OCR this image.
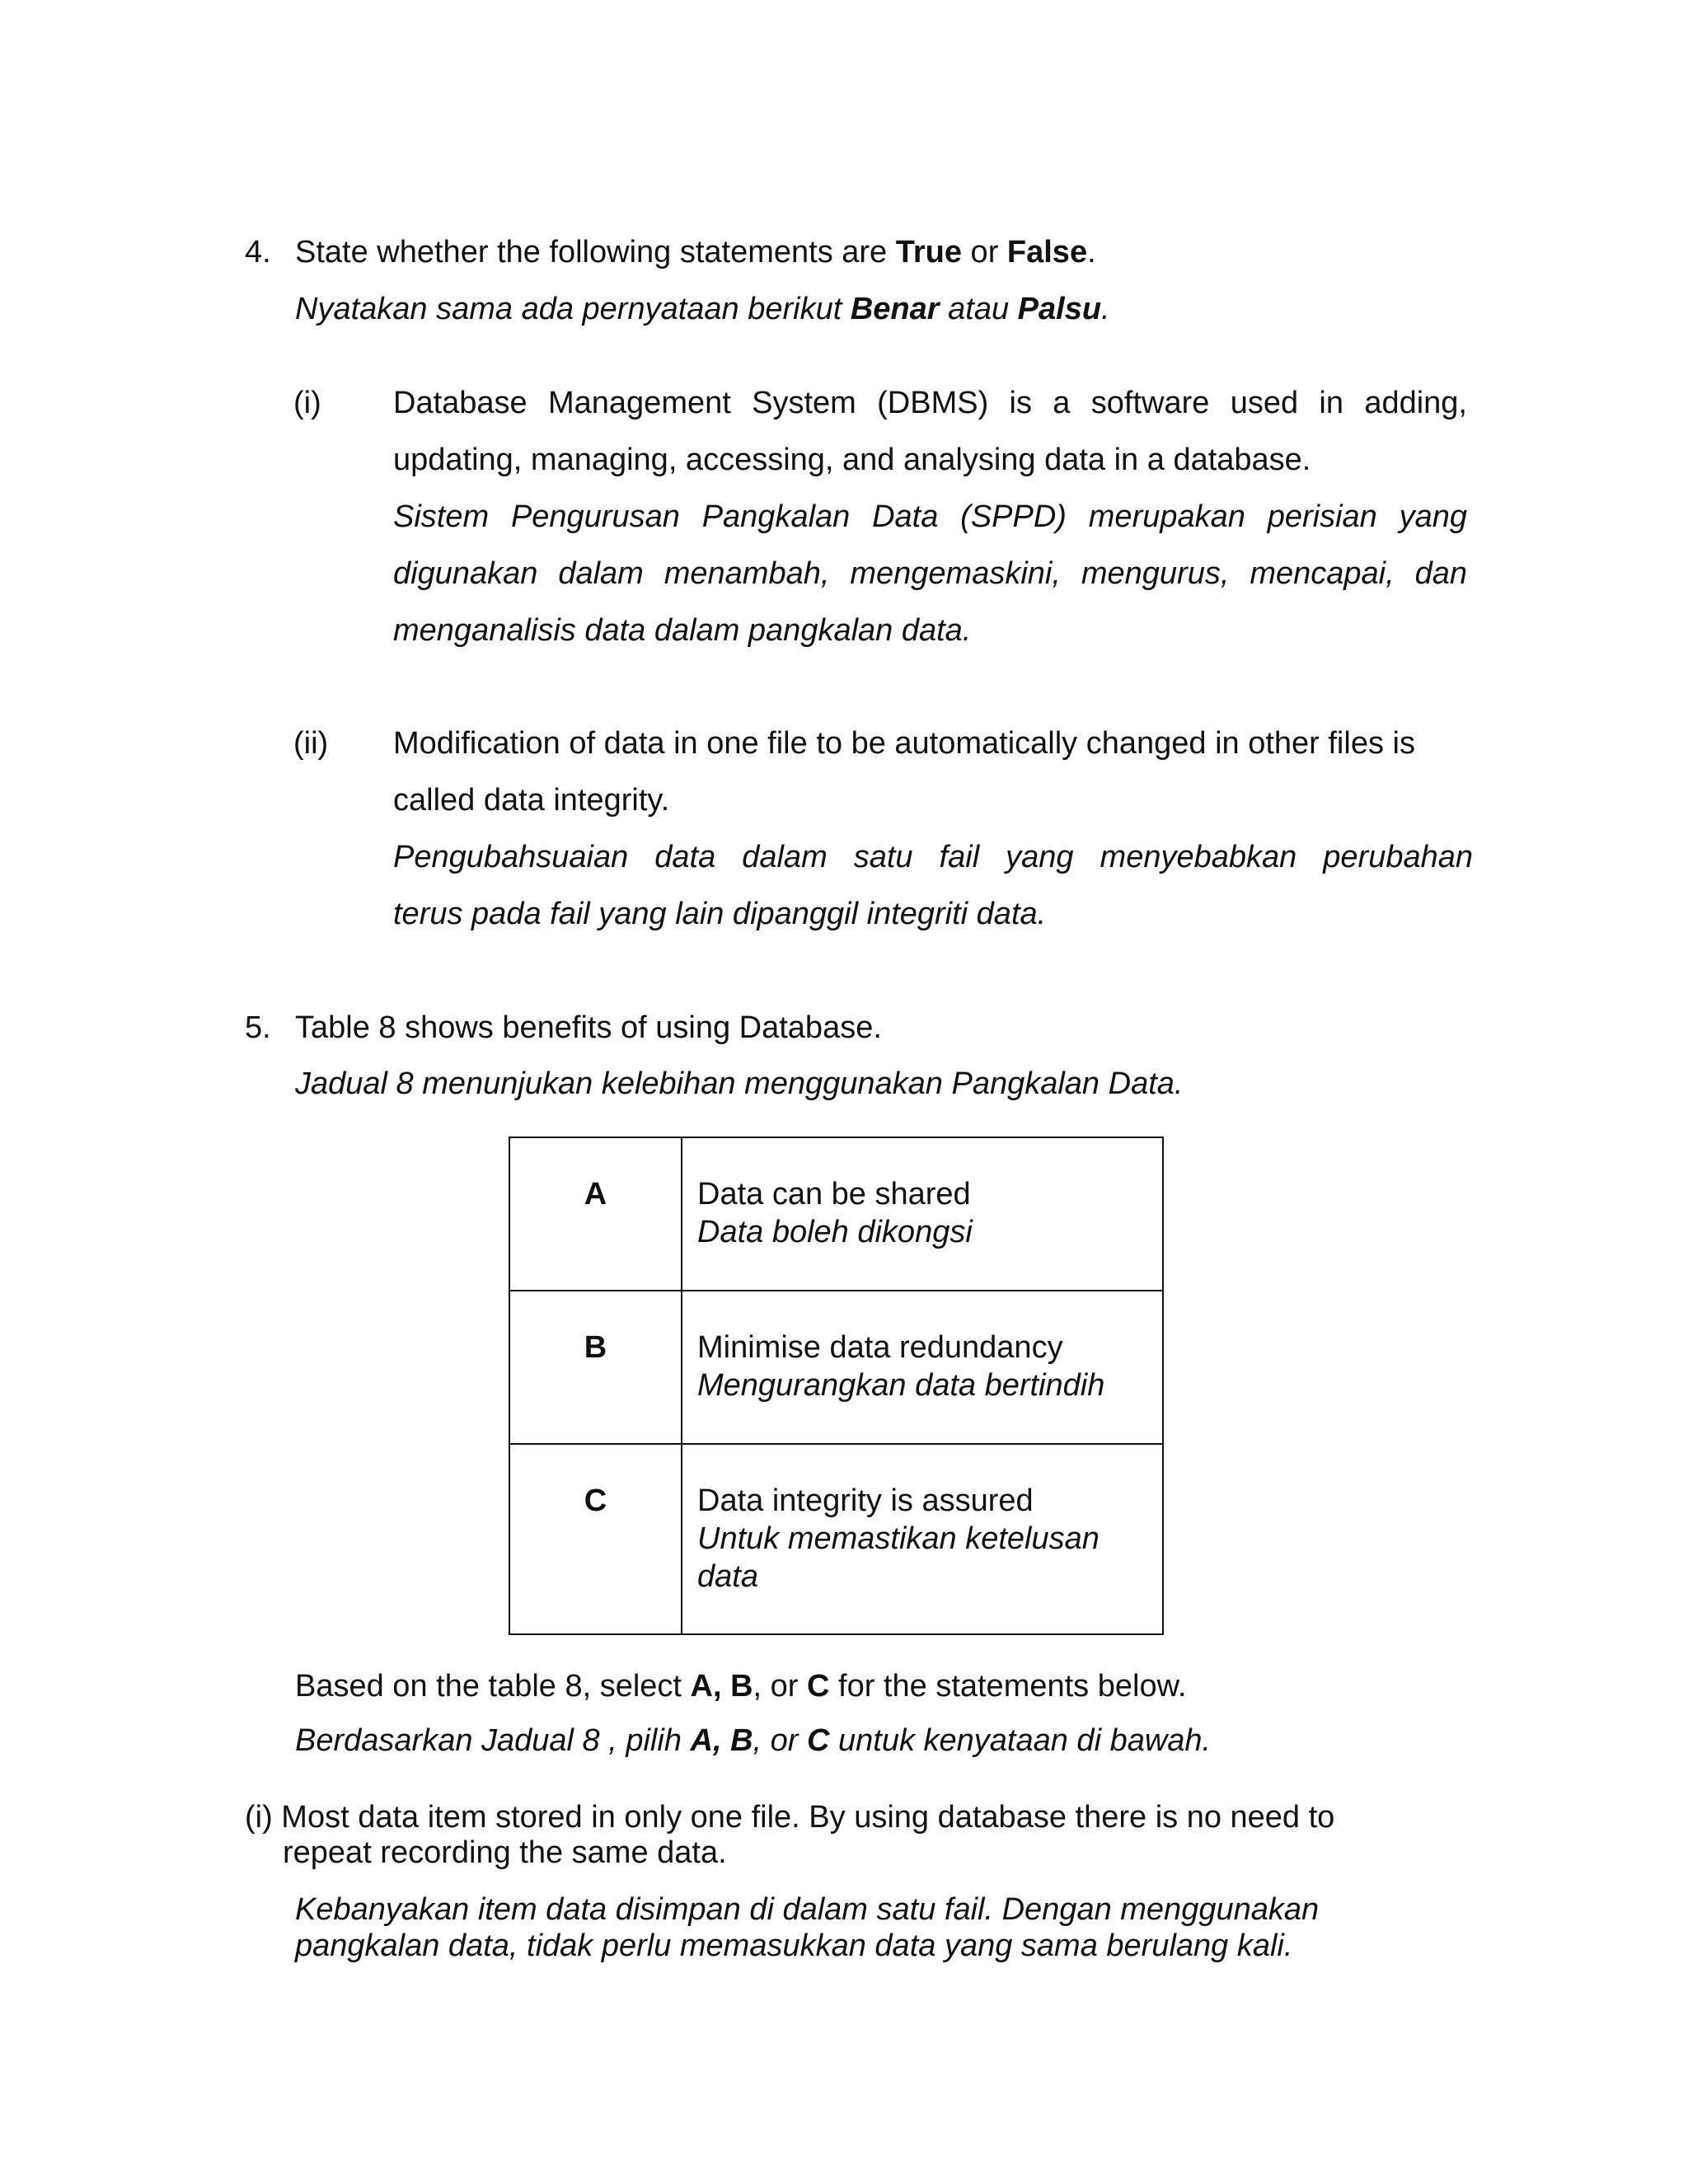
4. State whether the following statements are True or False.
Nyatakan sama ada pernyataan berikut Benar atau Palsu.
(i) Database Management System (DBMS) is a software used in adding,
updating, managing, accessing, and analysing data in a database.
Sistem Pengurusan Pangkalan Data (SPPD) merupakan perisian yang
digunakan dalam menambah, mengemaskini, mengurus, mencapai, dan
menganalisis data dalam pangkalan data.
(ii) Modification of data in one file to be automatically changed in other files is
called data integrity.
Pengubahsuaian data dalam satu fail yang menyebabkan perubahan
terus pada fail yang lain dipanggil integriti data.
5. Table 8 shows benefits of using Database.
Jadual 8 menunjukan kelebihan menggunakan Pangkalan Data.
A	Data can be shared
Data boleh dikongsi

B	Minimise data redundancy
Mengurangkan data bertindih

C	Data integrity is assured
Untuk memastikan ketelusan
data
Based on the table 8, select A, B, or C for the statements below.
Berdasarkan Jadual 8 , pilih A, B, or C untuk kenyataan di bawah.
(i) Most data item stored in only one file. By using database there is no need to
repeat recording the same data.
Kebanyakan item data disimpan di dalam satu fail. Dengan menggunakan
pangkalan data, tidak perlu memasukkan data yang sama berulang kali.
